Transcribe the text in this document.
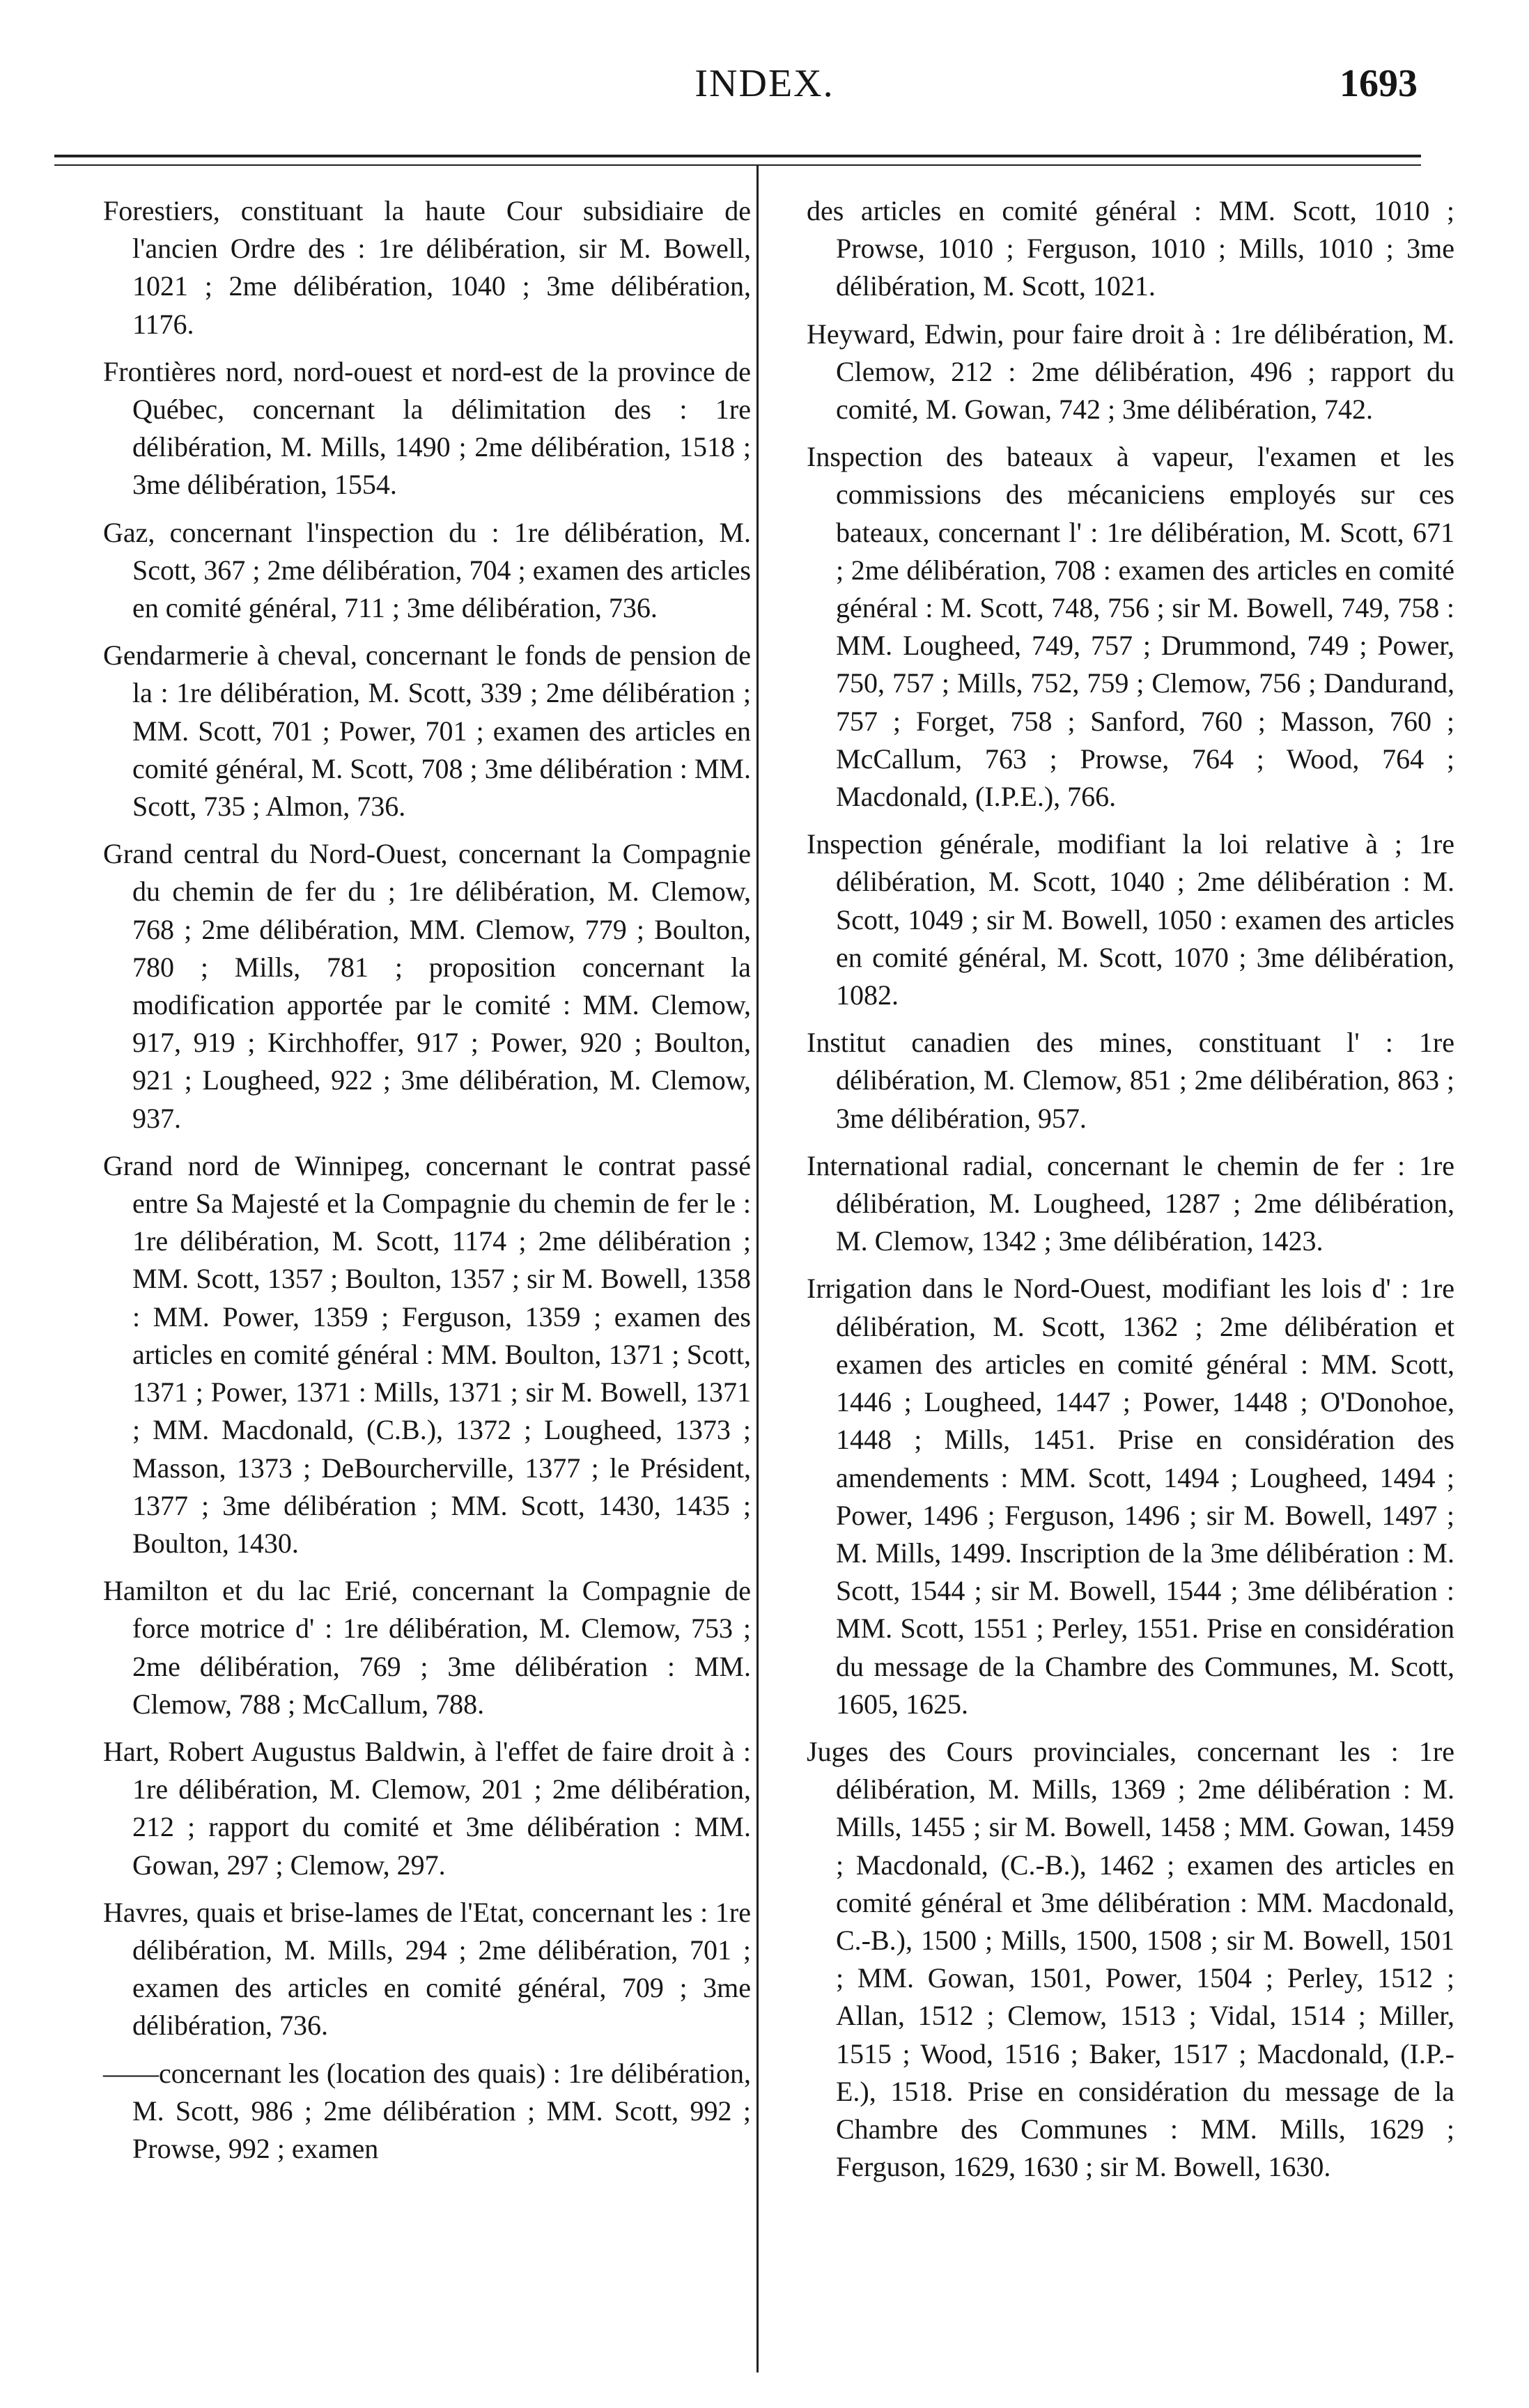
INDEX.	1693

Forestiers, constituant la haute Cour subsidiaire de l'ancien Ordre des : 1re délibération, sir M. Bowell, 1021 ; 2me délibération, 1040 ; 3me délibération, 1176.

Frontières nord, nord-ouest et nord-est de la province de Québec, concernant la délimitation des : 1re délibération, M. Mills, 1490 ; 2me délibération, 1518 ; 3me délibération, 1554.

Gaz, concernant l'inspection du : 1re délibération, M. Scott, 367 ; 2me délibération, 704 ; examen des articles en comité général, 711 ; 3me délibération, 736.

Gendarmerie à cheval, concernant le fonds de pension de la : 1re délibération, M. Scott, 339 ; 2me délibération ; MM. Scott, 701 ; Power, 701 ; examen des articles en comité général, M. Scott, 708 ; 3me délibération : MM. Scott, 735 ; Almon, 736.

Grand central du Nord-Ouest, concernant la Compagnie du chemin de fer du ; 1re délibération, M. Clemow, 768 ; 2me délibération, MM. Clemow, 779 ; Boulton, 780 ; Mills, 781 ; proposition concernant la modification apportée par le comité : MM. Clemow, 917, 919 ; Kirchhoffer, 917 ; Power, 920 ; Boulton, 921 ; Lougheed, 922 ; 3me délibération, M. Clemow, 937.

Grand nord de Winnipeg, concernant le contrat passé entre Sa Majesté et la Compagnie du chemin de fer le : 1re délibération, M. Scott, 1174 ; 2me délibération ; MM. Scott, 1357 ; Boulton, 1357 ; sir M. Bowell, 1358 : MM. Power, 1359 ; Ferguson, 1359 ; examen des articles en comité général : MM. Boulton, 1371 ; Scott, 1371 ; Power, 1371 : Mills, 1371 ; sir M. Bowell, 1371 ; MM. Macdonald, (C.B.), 1372 ; Lougheed, 1373 ; Masson, 1373 ; DeBourcherville, 1377 ; le Président, 1377 ; 3me délibération ; MM. Scott, 1430, 1435 ; Boulton, 1430.

Hamilton et du lac Erié, concernant la Compagnie de force motrice d' : 1re délibération, M. Clemow, 753 ; 2me délibération, 769 ; 3me délibération : MM. Clemow, 788 ; McCallum, 788.

Hart, Robert Augustus Baldwin, à l'effet de faire droit à : 1re délibération, M. Clemow, 201 ; 2me délibération, 212 ; rapport du comité et 3me délibération : MM. Gowan, 297 ; Clemow, 297.

Havres, quais et brise-lames de l'Etat, concernant les : 1re délibération, M. Mills, 294 ; 2me délibération, 701 ; examen des articles en comité général, 709 ; 3me délibération, 736.

——concernant les (location des quais) : 1re délibération, M. Scott, 986 ; 2me délibération ; MM. Scott, 992 ; Prowse, 992 ; examen

des articles en comité général : MM. Scott, 1010 ; Prowse, 1010 ; Ferguson, 1010 ; Mills, 1010 ; 3me délibération, M. Scott, 1021.

Heyward, Edwin, pour faire droit à : 1re délibération, M. Clemow, 212 : 2me délibération, 496 ; rapport du comité, M. Gowan, 742 ; 3me délibération, 742.

Inspection des bateaux à vapeur, l'examen et les commissions des mécaniciens employés sur ces bateaux, concernant l' : 1re délibération, M. Scott, 671 ; 2me délibération, 708 : examen des articles en comité général : M. Scott, 748, 756 ; sir M. Bowell, 749, 758 : MM. Lougheed, 749, 757 ; Drummond, 749 ; Power, 750, 757 ; Mills, 752, 759 ; Clemow, 756 ; Dandurand, 757 ; Forget, 758 ; Sanford, 760 ; Masson, 760 ; McCallum, 763 ; Prowse, 764 ; Wood, 764 ; Macdonald, (I.P.E.), 766.

Inspection générale, modifiant la loi relative à ; 1re délibération, M. Scott, 1040 ; 2me délibération : M. Scott, 1049 ; sir M. Bowell, 1050 : examen des articles en comité général, M. Scott, 1070 ; 3me délibération, 1082.

Institut canadien des mines, constituant l' : 1re délibération, M. Clemow, 851 ; 2me délibération, 863 ; 3me délibération, 957.

International radial, concernant le chemin de fer : 1re délibération, M. Lougheed, 1287 ; 2me délibération, M. Clemow, 1342 ; 3me délibération, 1423.

Irrigation dans le Nord-Ouest, modifiant les lois d' : 1re délibération, M. Scott, 1362 ; 2me délibération et examen des articles en comité général : MM. Scott, 1446 ; Lougheed, 1447 ; Power, 1448 ; O'Donohoe, 1448 ; Mills, 1451. Prise en considération des amendements : MM. Scott, 1494 ; Lougheed, 1494 ; Power, 1496 ; Ferguson, 1496 ; sir M. Bowell, 1497 ; M. Mills, 1499. Inscription de la 3me délibération : M. Scott, 1544 ; sir M. Bowell, 1544 ; 3me délibération : MM. Scott, 1551 ; Perley, 1551. Prise en considération du message de la Chambre des Communes, M. Scott, 1605, 1625.

Juges des Cours provinciales, concernant les : 1re délibération, M. Mills, 1369 ; 2me délibération : M. Mills, 1455 ; sir M. Bowell, 1458 ; MM. Gowan, 1459 ; Macdonald, (C.-B.), 1462 ; examen des articles en comité général et 3me délibération : MM. Macdonald, C.-B.), 1500 ; Mills, 1500, 1508 ; sir M. Bowell, 1501 ; MM. Gowan, 1501, Power, 1504 ; Perley, 1512 ; Allan, 1512 ; Clemow, 1513 ; Vidal, 1514 ; Miller, 1515 ; Wood, 1516 ; Baker, 1517 ; Macdonald, (I.P.-E.), 1518. Prise en considération du message de la Chambre des Communes : MM. Mills, 1629 ; Ferguson, 1629, 1630 ; sir M. Bowell, 1630.
